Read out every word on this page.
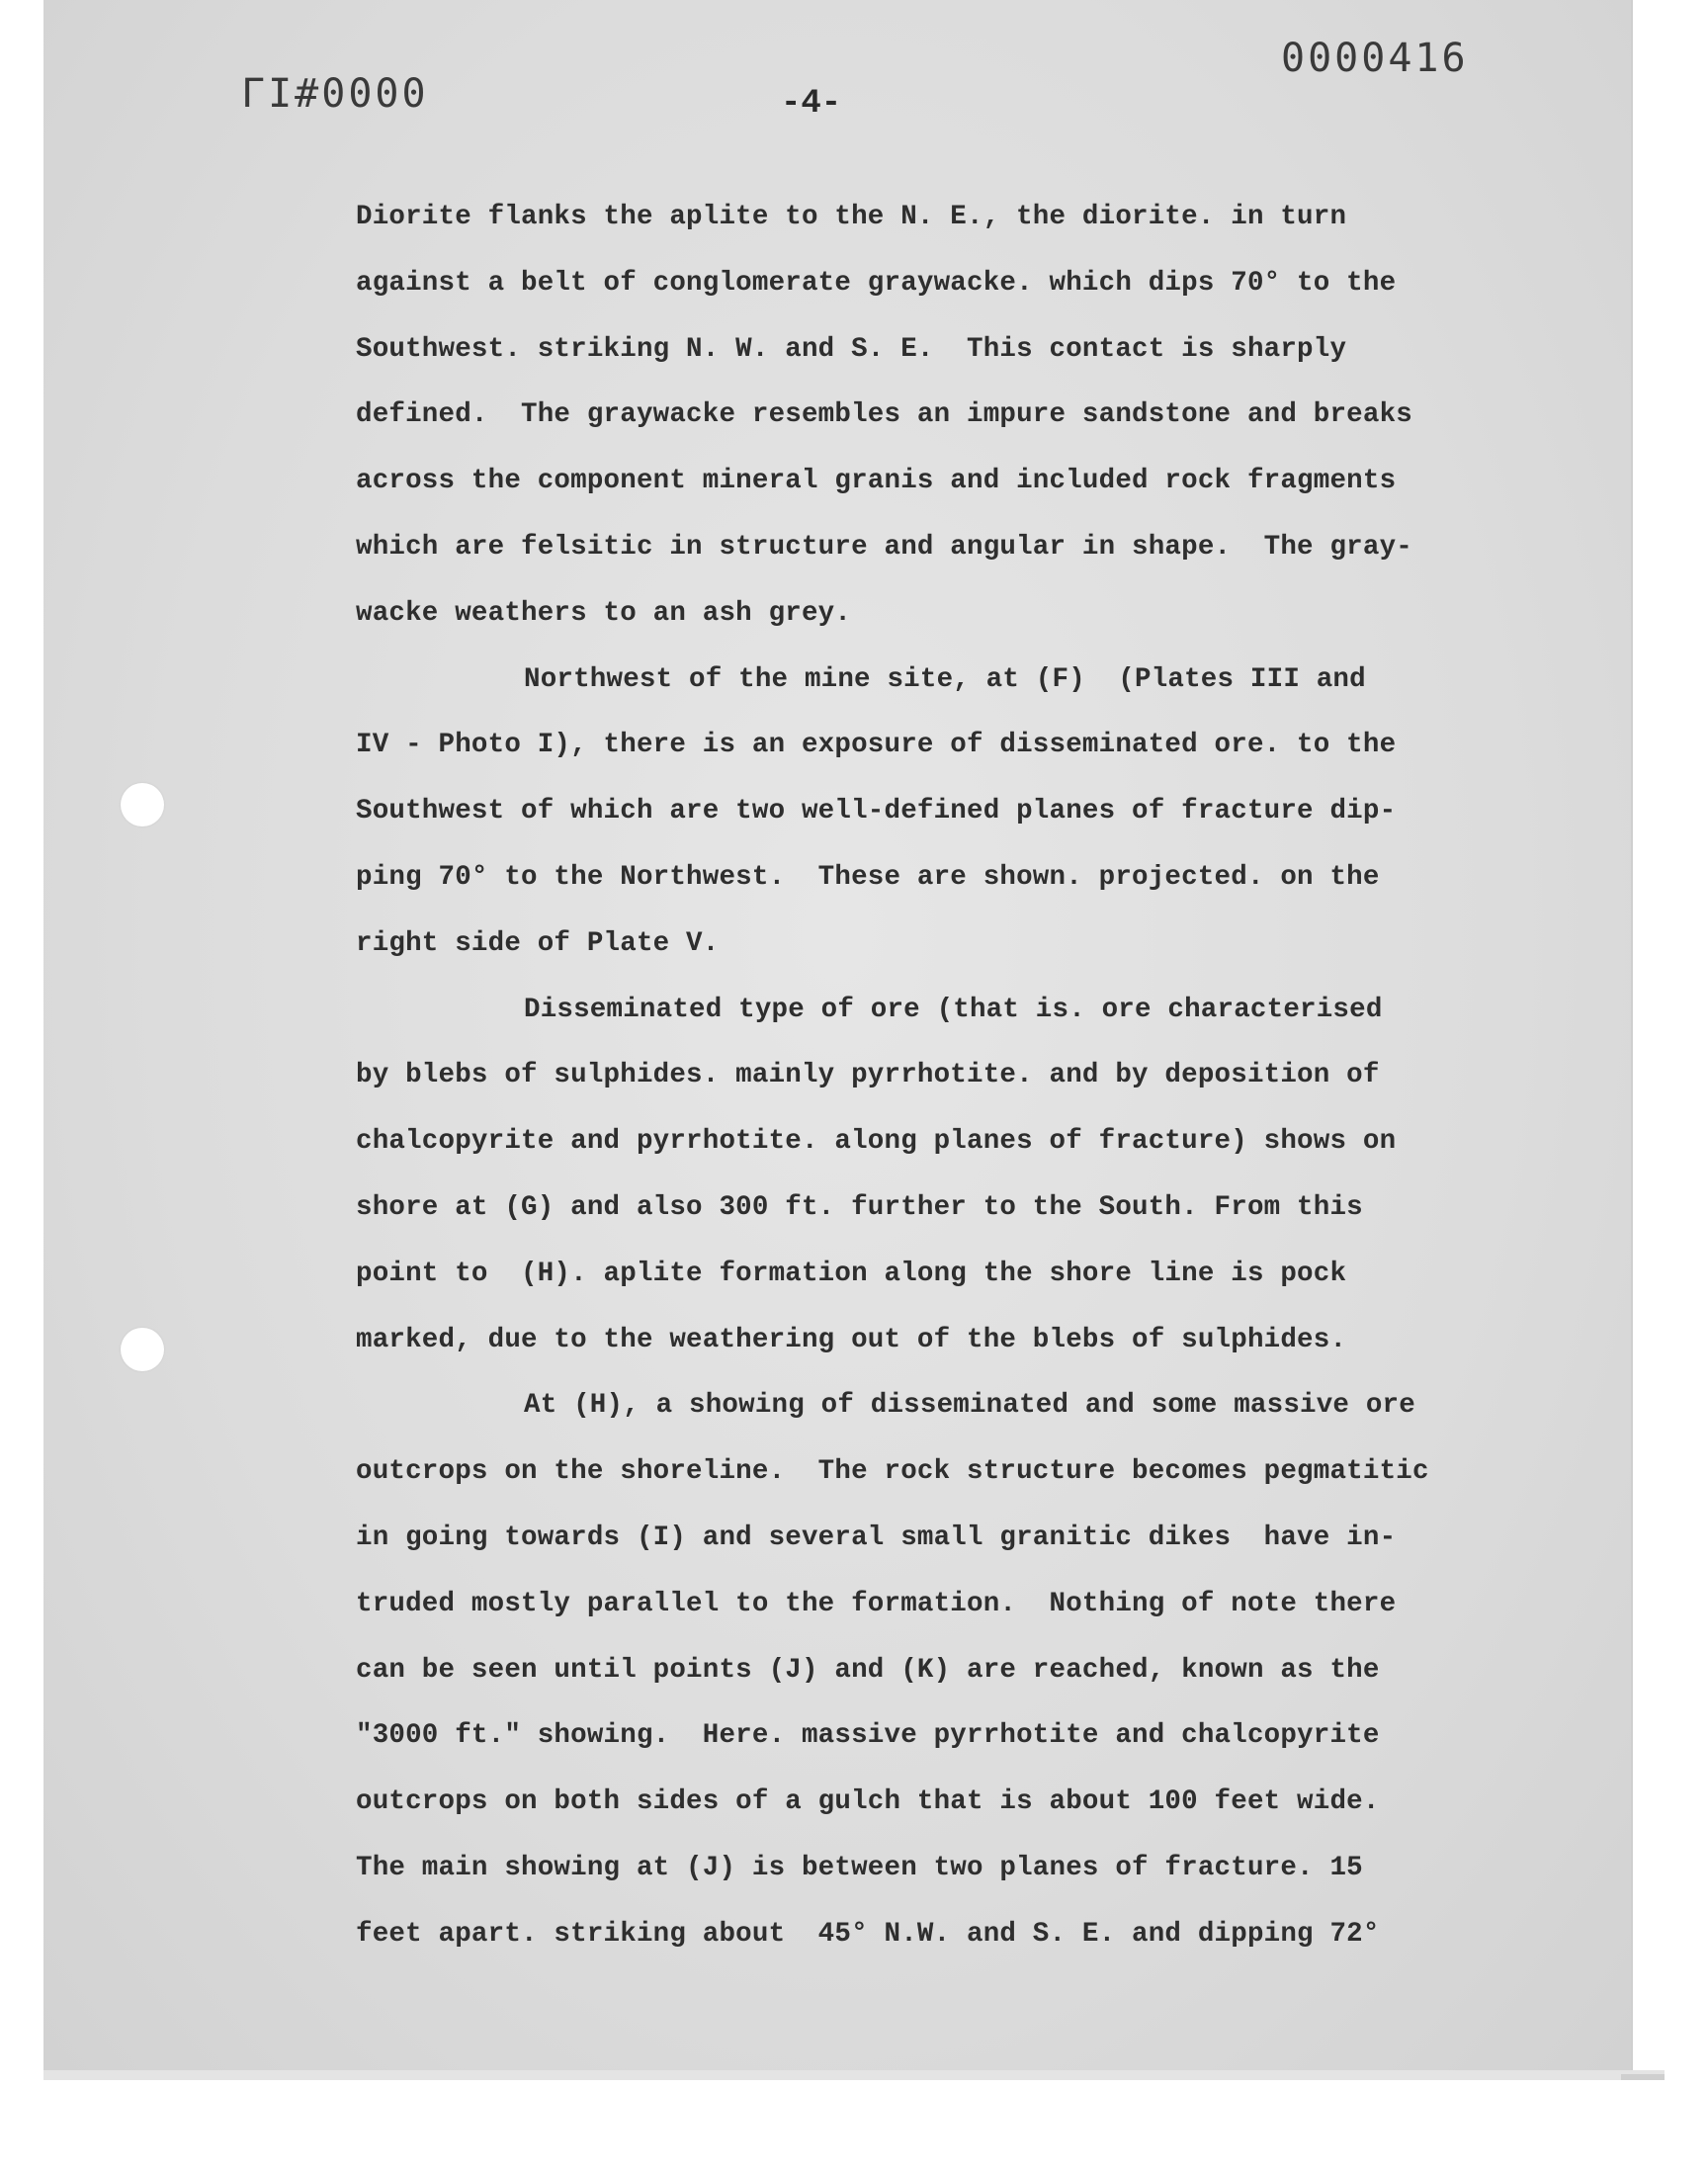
ΓI#0000
0000416
-4-
Diorite flanks the aplite to the N. E., the diorite. in turn
against a belt of conglomerate graywacke. which dips 70° to the
Southwest. striking N. W. and S. E.  This contact is sharply
defined.  The graywacke resembles an impure sandstone and breaks
across the component mineral granis and included rock fragments
which are felsitic in structure and angular in shape.  The gray-
wacke weathers to an ash grey.
Northwest of the mine site, at (F)  (Plates III and
IV - Photo I), there is an exposure of disseminated ore. to the
Southwest of which are two well-defined planes of fracture dip-
ping 70° to the Northwest.  These are shown. projected. on the
right side of Plate V.
Disseminated type of ore (that is. ore characterised
by blebs of sulphides. mainly pyrrhotite. and by deposition of
chalcopyrite and pyrrhotite. along planes of fracture) shows on
shore at (G) and also 300 ft. further to the South. From this
point to  (H). aplite formation along the shore line is pock
marked, due to the weathering out of the blebs of sulphides.
At (H), a showing of disseminated and some massive ore
outcrops on the shoreline.  The rock structure becomes pegmatitic
in going towards (I) and several small granitic dikes  have in-
truded mostly parallel to the formation.  Nothing of note there
can be seen until points (J) and (K) are reached, known as the
"3000 ft." showing.  Here. massive pyrrhotite and chalcopyrite
outcrops on both sides of a gulch that is about 100 feet wide.
The main showing at (J) is between two planes of fracture. 15
feet apart. striking about  45° N.W. and S. E. and dipping 72°
